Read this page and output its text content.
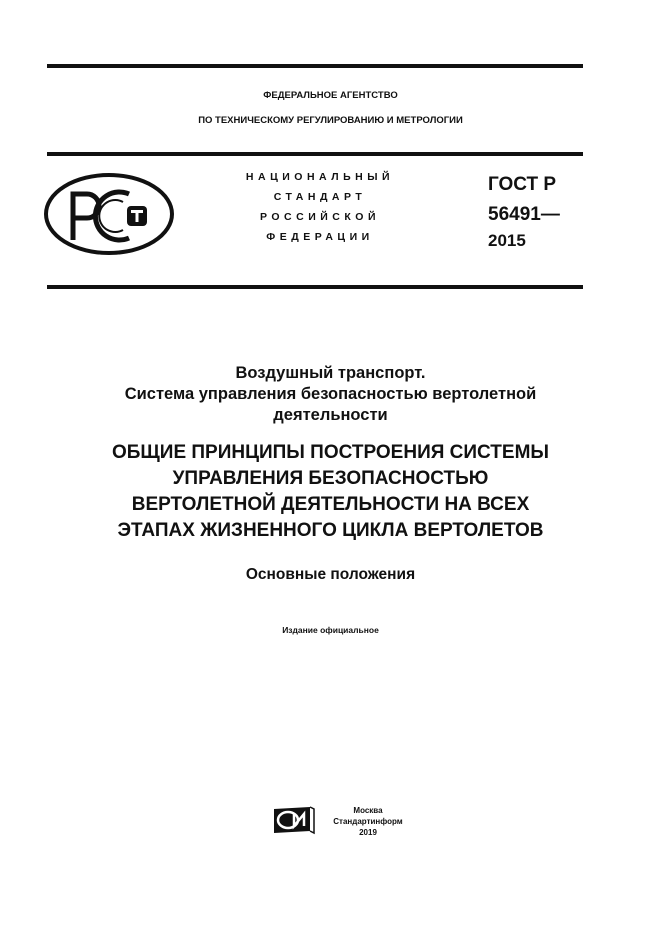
ФЕДЕРАЛЬНОЕ АГЕНТСТВО
ПО ТЕХНИЧЕСКОМУ РЕГУЛИРОВАНИЮ И МЕТРОЛОГИИ
НАЦИОНАЛЬНЫЙ
СТАНДАРТ
РОССИЙСКОЙ
ФЕДЕРАЦИИ
ГОСТ Р
56491—
2015
Воздушный транспорт.
Система управления безопасностью вертолетной
деятельности
ОБЩИЕ ПРИНЦИПЫ ПОСТРОЕНИЯ СИСТЕМЫ
УПРАВЛЕНИЯ БЕЗОПАСНОСТЬЮ
ВЕРТОЛЕТНОЙ ДЕЯТЕЛЬНОСТИ НА ВСЕХ
ЭТАПАХ ЖИЗНЕННОГО ЦИКЛА ВЕРТОЛЕТОВ
Основные положения
Издание официальное
Москва
Стандартинформ
2019
